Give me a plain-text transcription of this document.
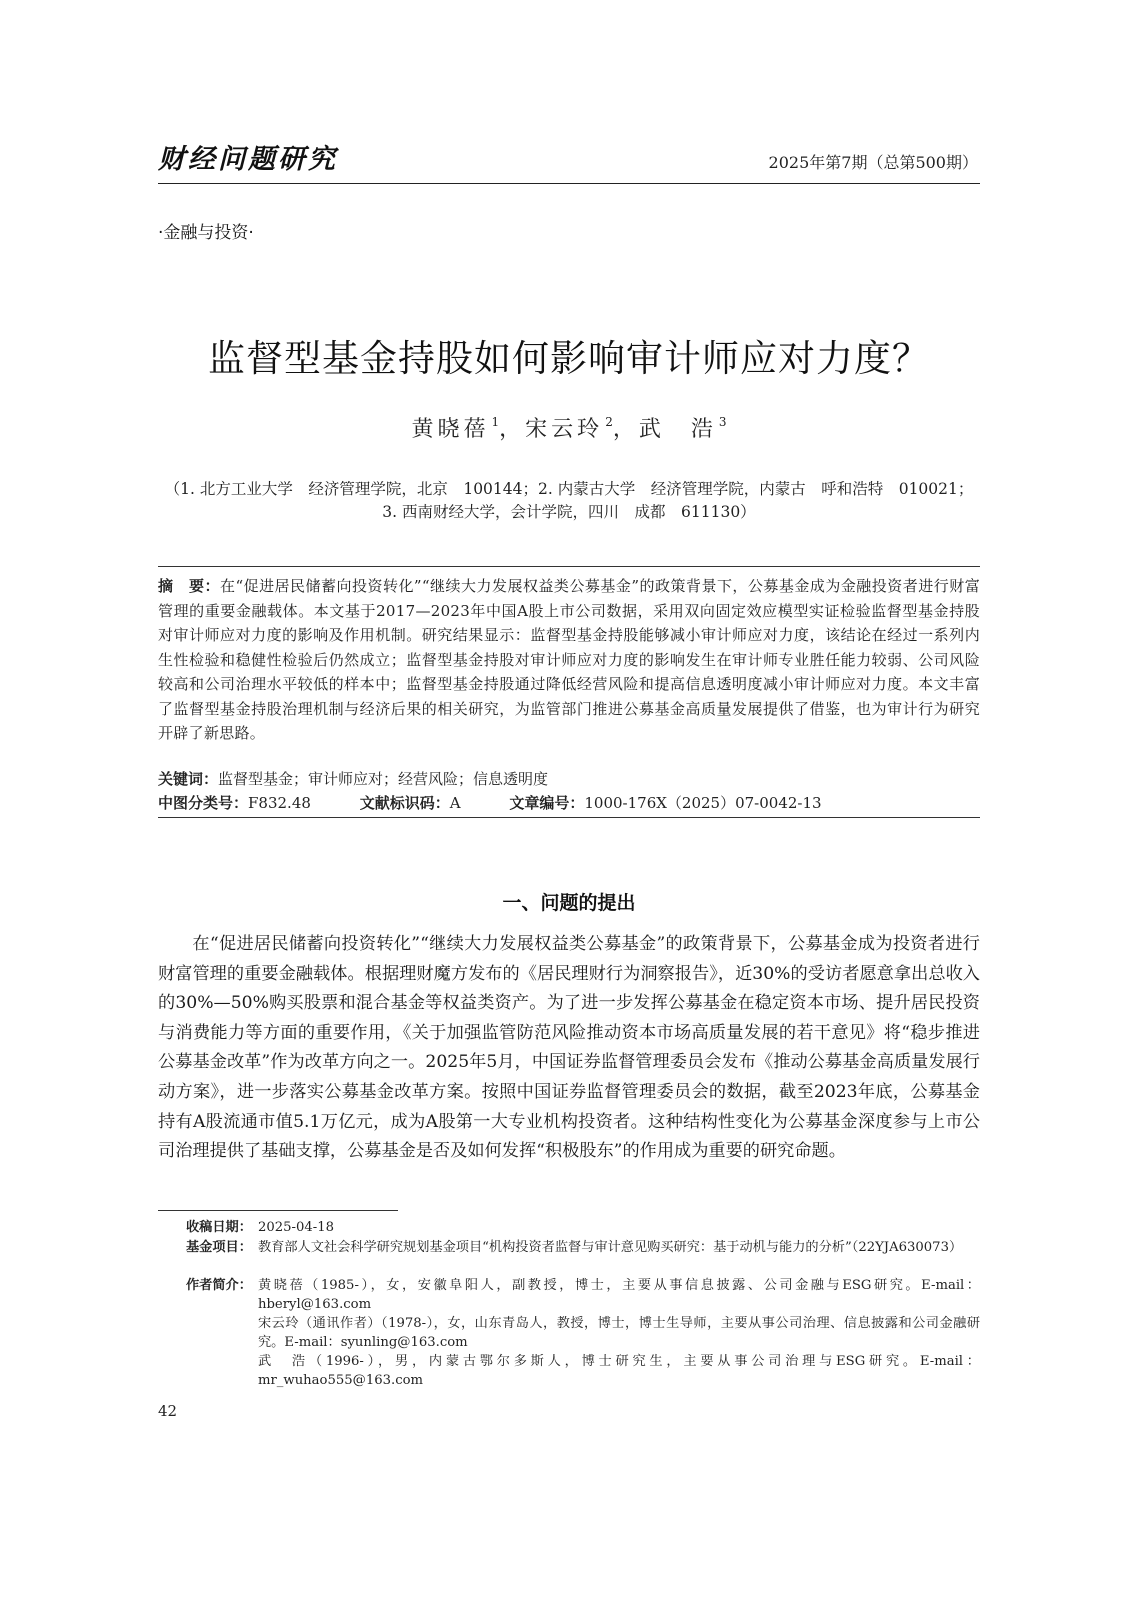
财经问题研究	2025年第7期（总第500期）
·金融与投资·
监督型基金持股如何影响审计师应对力度？
黄晓蓓 $^1$，宋云玲 $^2$，武　浩 $^3$
（1. 北方工业大学　经济管理学院，北京　100144；2. 内蒙古大学　经济管理学院，内蒙古　呼和浩特　010021；
3. 西南财经大学，会计学院，四川　成都　611130）
摘　要：在“促进居民储蓄向投资转化”“继续大力发展权益类公募基金”的政策背景下，公募基金成为金融投资者进行财富管理的重要金融载体。本文基于2017—2023年中国A股上市公司数据，采用双向固定效应模型实证检验监督型基金持股对审计师应对力度的影响及作用机制。研究结果显示：监督型基金持股能够减小审计师应对力度，该结论在经过一系列内生性检验和稳健性检验后仍然成立；监督型基金持股对审计师应对力度的影响发生在审计师专业胜任能力较弱、公司风险较高和公司治理水平较低的样本中；监督型基金持股通过降低经营风险和提高信息透明度减小审计师应对力度。本文丰富了监督型基金持股治理机制与经济后果的相关研究，为监管部门推进公募基金高质量发展提供了借鉴，也为审计行为研究开辟了新思路。
关键词：监督型基金；审计师应对；经营风险；信息透明度
中图分类号：F832.48	文献标识码：A	文章编号：1000-176X（2025）07-0042-13
一、问题的提出
在“促进居民储蓄向投资转化”“继续大力发展权益类公募基金”的政策背景下，公募基金成为投资者进行财富管理的重要金融载体。根据理财魔方发布的《居民理财行为洞察报告》，近30%的受访者愿意拿出总收入的30%—50%购买股票和混合基金等权益类资产。为了进一步发挥公募基金在稳定资本市场、提升居民投资与消费能力等方面的重要作用，《关于加强监管防范风险推动资本市场高质量发展的若干意见》将“稳步推进公募基金改革”作为改革方向之一。2025年5月，中国证券监督管理委员会发布《推动公募基金高质量发展行动方案》，进一步落实公募基金改革方案。按照中国证券监督管理委员会的数据，截至2023年底，公募基金持有A股流通市值5.1万亿元，成为A股第一大专业机构投资者。这种结构性变化为公募基金深度参与上市公司治理提供了基础支撑，公募基金是否及如何发挥“积极股东”的作用成为重要的研究命题。
收稿日期： 2025-04-18
基金项目： 教育部人文社会科学研究规划基金项目“机构投资者监督与审计意见购买研究：基于动机与能力的分析”（22YJA630073）
作者简介： 黄晓蓓（1985-），女，安徽阜阳人，副教授，博士，主要从事信息披露、公司金融与ESG研究。E-mail：hberyl@163.com
宋云玲（通讯作者）（1978-），女，山东青岛人，教授，博士，博士生导师，主要从事公司治理、信息披露和公司金融研究。E-mail：syunling@163.com
武　浩（1996-），男，内蒙古鄂尔多斯人，博士研究生，主要从事公司治理与ESG研究。E-mail：mr_wuhao555@163.com
42
